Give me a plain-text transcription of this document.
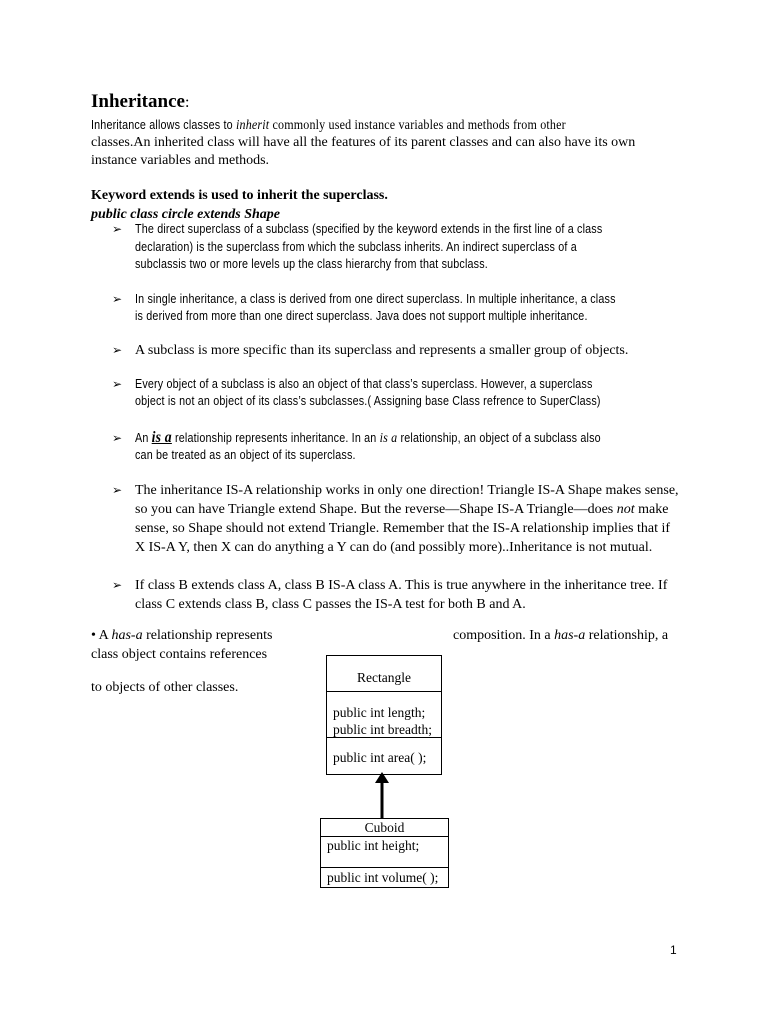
Inheritance:
Inheritance allows classes to inherit commonly used instance variables and methods from other
classes.An inherited class will have all the features of its parent classes and can also have its own
instance variables and methods.
Keyword extends is used to inherit the superclass.
public class circle extends Shape
➢ The direct superclass of a subclass (specified by the keyword extends in the first line of a class
declaration) is the superclass from which the subclass inherits. An indirect superclass of a
subclassis two or more levels up the class hierarchy from that subclass.
➢ In single inheritance, a class is derived from one direct superclass. In multiple inheritance, a class
is derived from more than one direct superclass. Java does not support multiple inheritance.
➢ A subclass is more specific than its superclass and represents a smaller group of objects.
➢ Every object of a subclass is also an object of that class’s superclass. However, a superclass
object is not an object of its class’s subclasses.( Assigning base Class refrence to SuperClass)
➢ An is a relationship represents inheritance. In an is a relationship, an object of a subclass also
can be treated as an object of its superclass.
➢ The inheritance IS-A relationship works in only one direction! Triangle IS-A Shape makes sense,
so you can have Triangle extend Shape. But the reverse—Shape IS-A Triangle—does not make
sense, so Shape should not extend Triangle. Remember that the IS-A relationship implies that if
X IS-A Y, then X can do anything a Y can do (and possibly more)..Inheritance is not mutual.
➢ If class B extends class A, class B IS-A class A. This is true anywhere in the inheritance tree. If
class C extends class B, class C passes the IS-A test for both B and A.
• A has-a relationship represents	composition. In a has-a relationship, a
class object contains references
to objects of other classes.
Rectangle
public int length;
public int breadth;
public int area( );
Cuboid
public int height;
public int volume( );
1
